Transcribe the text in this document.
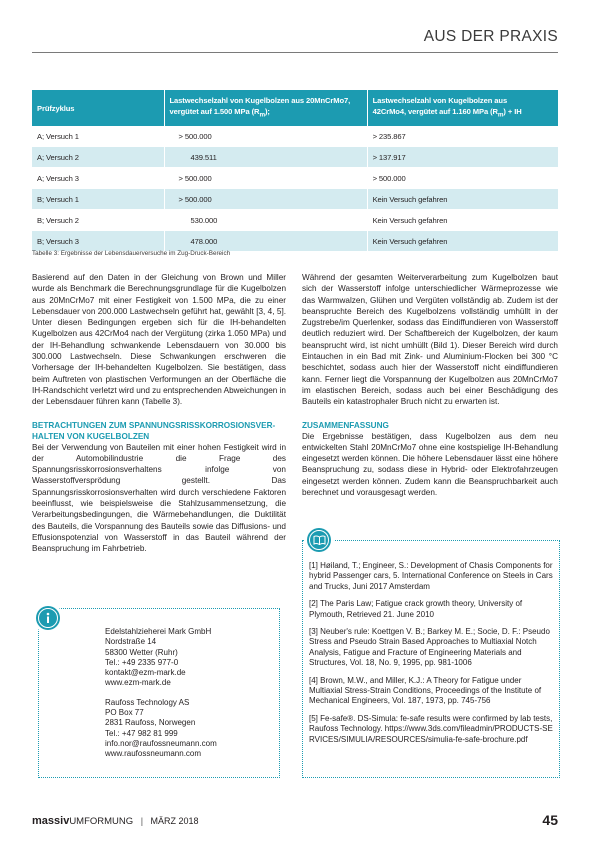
AUS DER PRAXIS
Prüfzyklus	Lastwechselzahl von Kugelbolzen aus 20MnCrMo7,
vergütet auf 1.500 MPa $(R_m)$;	Lastwechselzahl von Kugelbolzen aus
42CrMo4, vergütet auf 1.160 MPa $(R_m)$ + IH
A; Versuch 1	> 500.000	> 235.867
A; Versuch 2	439.511	> 137.917
A; Versuch 3	> 500.000	> 500.000
B; Versuch 1	> 500.000	Kein Versuch gefahren
B; Versuch 2	530.000	Kein Versuch gefahren
B; Versuch 3	478.000	Kein Versuch gefahren
Tabelle 3: Ergebnisse der Lebensdauerversuche im Zug-Druck-Bereich

Basierend auf den Daten in der Gleichung von Brown und Miller wurde als Benchmark die Berechnungsgrundlage für die Kugelbolzen aus 20MnCrMo7 mit einer Festigkeit von 1.500 MPa, die zu einer Lebensdauer von 200.000 Lastwechseln geführt hat, gewählt [3, 4, 5]. Unter diesen Bedingungen ergeben sich für die IH-behandelten Kugelbolzen aus 42CrMo4 nach der Vergütung (zirka 1.050 MPa) und der IH-Behandlung schwankende Lebensdauern von 30.000 bis 300.000 Lastwechseln. Diese Schwankungen erschweren die Vorhersage der IH-behandelten Kugelbolzen. Sie bestätigen, dass beim Auftreten von plastischen Verformungen an der Oberfläche die IH-Randschicht verletzt wird und zu entsprechenden Abweichungen in der Lebensdauer führen kann (Tabelle 3).

BETRACHTUNGEN ZUM SPANNUNGSRISSKORROSIONSVER-
HALTEN VON KUGELBOLZEN

Bei der Verwendung von Bauteilen mit einer hohen Festigkeit wird in der Automobilindustrie die Frage des Spannungsrisskorrosionsverhaltens infolge von Wasserstoffversprödung gestellt. Das Spannungsrisskorrosionsverhalten wird durch verschiedene Faktoren beeinflusst, wie beispielsweise die Stahlzusammensetzung, die Verarbeitungsbedingungen, die Wärmebehandlungen, die Duktilität des Bauteils, die Vorspannung des Bauteils sowie das Diffusions- und Effusionspotenzial von Wasserstoff in das Bauteil während der Beanspruchung im Fahrbetrieb.

Während der gesamten Weiterverarbeitung zum Kugelbolzen baut sich der Wasserstoff infolge unterschiedlicher Wärmeprozesse wie das Warmwalzen, Glühen und Vergüten vollständig ab. Zudem ist der beanspruchte Bereich des Kugelbolzens vollständig umhüllt in der Zugstrebe/im Querlenker, sodass das Eindiffundieren von Wasserstoff deutlich reduziert wird. Der Schaftbereich der Kugelbolzen, der kaum beansprucht wird, ist nicht umhüllt (Bild 1). Dieser Bereich wird durch Eintauchen in ein Bad mit Zink- und Aluminium-Flocken bei 300 °C beschichtet, sodass auch hier der Wasserstoff nicht eindiffundieren kann. Ferner liegt die Vorspannung der Kugelbolzen aus 20MnCrMo7 im elastischen Bereich, sodass auch bei einer Beschädigung des Bauteils ein katastrophaler Bruch nicht zu erwarten ist.

ZUSAMMENFASSUNG

Die Ergebnisse bestätigen, dass Kugelbolzen aus dem neu entwickelten Stahl 20MnCrMo7 ohne eine kostspielige IH-Behandlung eingesetzt werden können. Die höhere Lebensdauer lässt eine höhere Beanspruchung zu, sodass diese in Hybrid- oder Elektrofahrzeugen eingesetzt werden können. Zudem kann die Beanspruchbarkeit auch berechnet und vorausgesagt werden.

Edelstahlzieherei Mark GmbH

Nordstraße 14

58300 Wetter (Ruhr)

Tel.: +49 2335 977-0

kontakt@ezm-mark.de

www.ezm-mark.de

Raufoss Technology AS

PO Box 77

2831 Raufoss, Norwegen

Tel.: +47 982 81 999

info.nor@raufossneumann.com

www.raufossneumann.com

[1] Høiland, T.; Engineer, S.: Development of Chasis Components for hybrid Passenger cars, 5. International Conference on Steels in Cars and Trucks, Juni 2017 Amsterdam

[2] The Paris Law; Fatigue crack growth theory, University of Plymouth, Retrieved 21. June 2010

[3] Neuber's rule: Koettgen V. B.; Barkey M. E.; Socie, D. F.: Pseudo Stress and Pseudo Strain Based Approaches to Multiaxial Notch Analysis, Fatigue and Fracture of Engineering Materials and Structures, Vol. 18, No. 9, 1995, pp. 981-1006

[4] Brown, M.W., and Miller, K.J.: A Theory for Fatigue under Multiaxial Stress-Strain Conditions, Proceedings of the Institute of Mechanical Engineers, Vol. 187, 1973, pp. 745-756

[5] Fe-safe®. DS-Simula: fe-safe results were confirmed by lab tests, Raufoss Technology. https://www.3ds.com/fileadmin/PRODUCTS-SERVICES/SIMULIA/RESOURCES/simulia-fe-safe-brochure.pdf

massivUMFORMUNG | MÄRZ 2018	45
